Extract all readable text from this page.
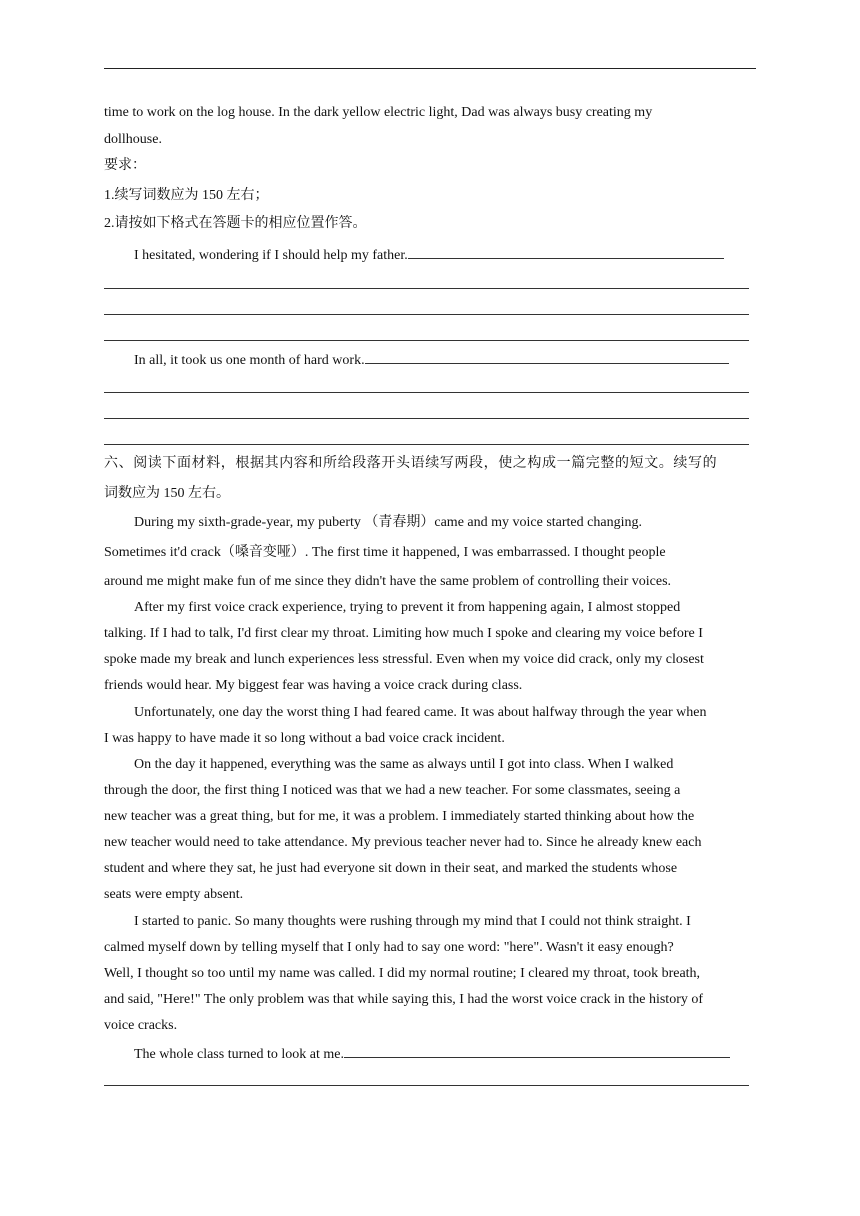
time to work on the log house. In the dark yellow electric light, Dad was always busy creating my
dollhouse.
要求：
1.续写词数应为 150 左右；
2.请按如下格式在答题卡的相应位置作答。
I hesitated, wondering if I should help my father.
In all, it took us one month of hard work.
六、阅读下面材料，根据其内容和所给段落开头语续写两段，使之构成一篇完整的短文。续写的
词数应为 150 左右。
During my sixth-grade-year, my puberty （青春期）came and my voice started changing.
Sometimes it'd crack（嗓音变哑）. The first time it happened, I was embarrassed. I thought people
around me might make fun of me since they didn't have the same problem of controlling their voices.
After my first voice crack experience, trying to prevent it from happening again, I almost stopped
talking. If I had to talk, I'd first clear my throat. Limiting how much I spoke and clearing my voice before I
spoke made my break and lunch experiences less stressful. Even when my voice did crack, only my closest
friends would hear. My biggest fear was having a voice crack during class.
Unfortunately, one day the worst thing I had feared came. It was about halfway through the year when
I was happy to have made it so long without a bad voice crack incident.
On the day it happened, everything was the same as always until I got into class. When I walked
through the door, the first thing I noticed was that we had a new teacher. For some classmates, seeing a
new teacher was a great thing, but for me, it was a problem. I immediately started thinking about how the
new teacher would need to take attendance. My previous teacher never had to. Since he already knew each
student and where they sat, he just had everyone sit down in their seat, and marked the students whose
seats were empty absent.
I started to panic. So many thoughts were rushing through my mind that I could not think straight. I
calmed myself down by telling myself that I only had to say one word: "here". Wasn't it easy enough?
Well, I thought so too until my name was called. I did my normal routine; I cleared my throat, took breath,
and said, "Here!" The only problem was that while saying this, I had the worst voice crack in the history of
voice cracks.
The whole class turned to look at me.
